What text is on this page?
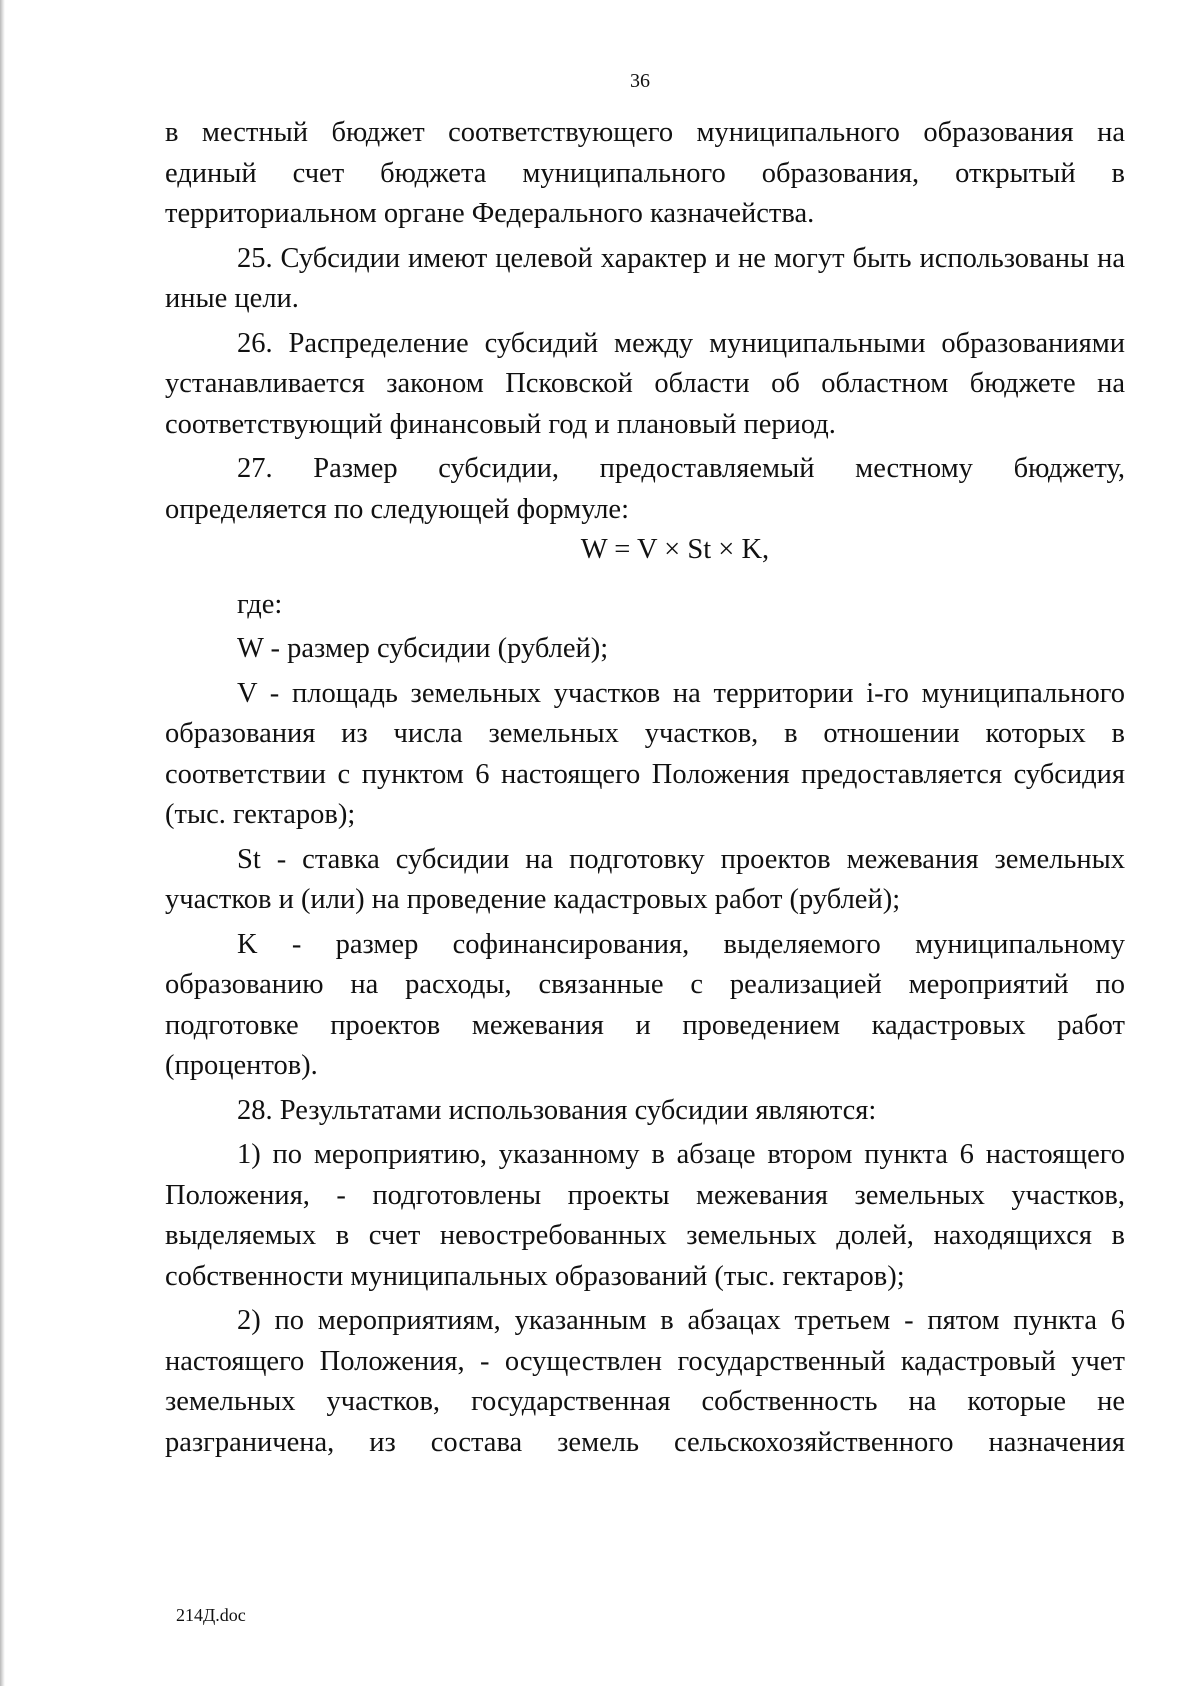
36

в местный бюджет соответствующего муниципального образования на единый счет бюджета муниципального образования, открытый в территориальном органе Федерального казначейства.

25. Субсидии имеют целевой характер и не могут быть использованы на иные цели.

26. Распределение субсидий между муниципальными образованиями устанавливается законом Псковской области об областном бюджете на соответствующий финансовый год и плановый период.

27. Размер субсидии, предоставляемый местному бюджету, определяется по следующей формуле:

W = V × St × K,

где:

W - размер субсидии (рублей);

V - площадь земельных участков на территории i-го муниципального образования из числа земельных участков, в отношении которых в соответствии с пунктом 6 настоящего Положения предоставляется субсидия (тыс. гектаров);

St - ставка субсидии на подготовку проектов межевания земельных участков и (или) на проведение кадастровых работ (рублей);

K - размер софинансирования, выделяемого муниципальному образованию на расходы, связанные с реализацией мероприятий по подготовке проектов межевания и проведением кадастровых работ (процентов).

28. Результатами использования субсидии являются:

1) по мероприятию, указанному в абзаце втором пункта 6 настоящего Положения, - подготовлены проекты межевания земельных участков, выделяемых в счет невостребованных земельных долей, находящихся в собственности муниципальных образований (тыс. гектаров);

2) по мероприятиям, указанным в абзацах третьем - пятом пункта 6 настоящего Положения, - осуществлен государственный кадастровый учет земельных участков, государственная собственность на которые не разграничена, из состава земель сельскохозяйственного назначения

214Д.doc
